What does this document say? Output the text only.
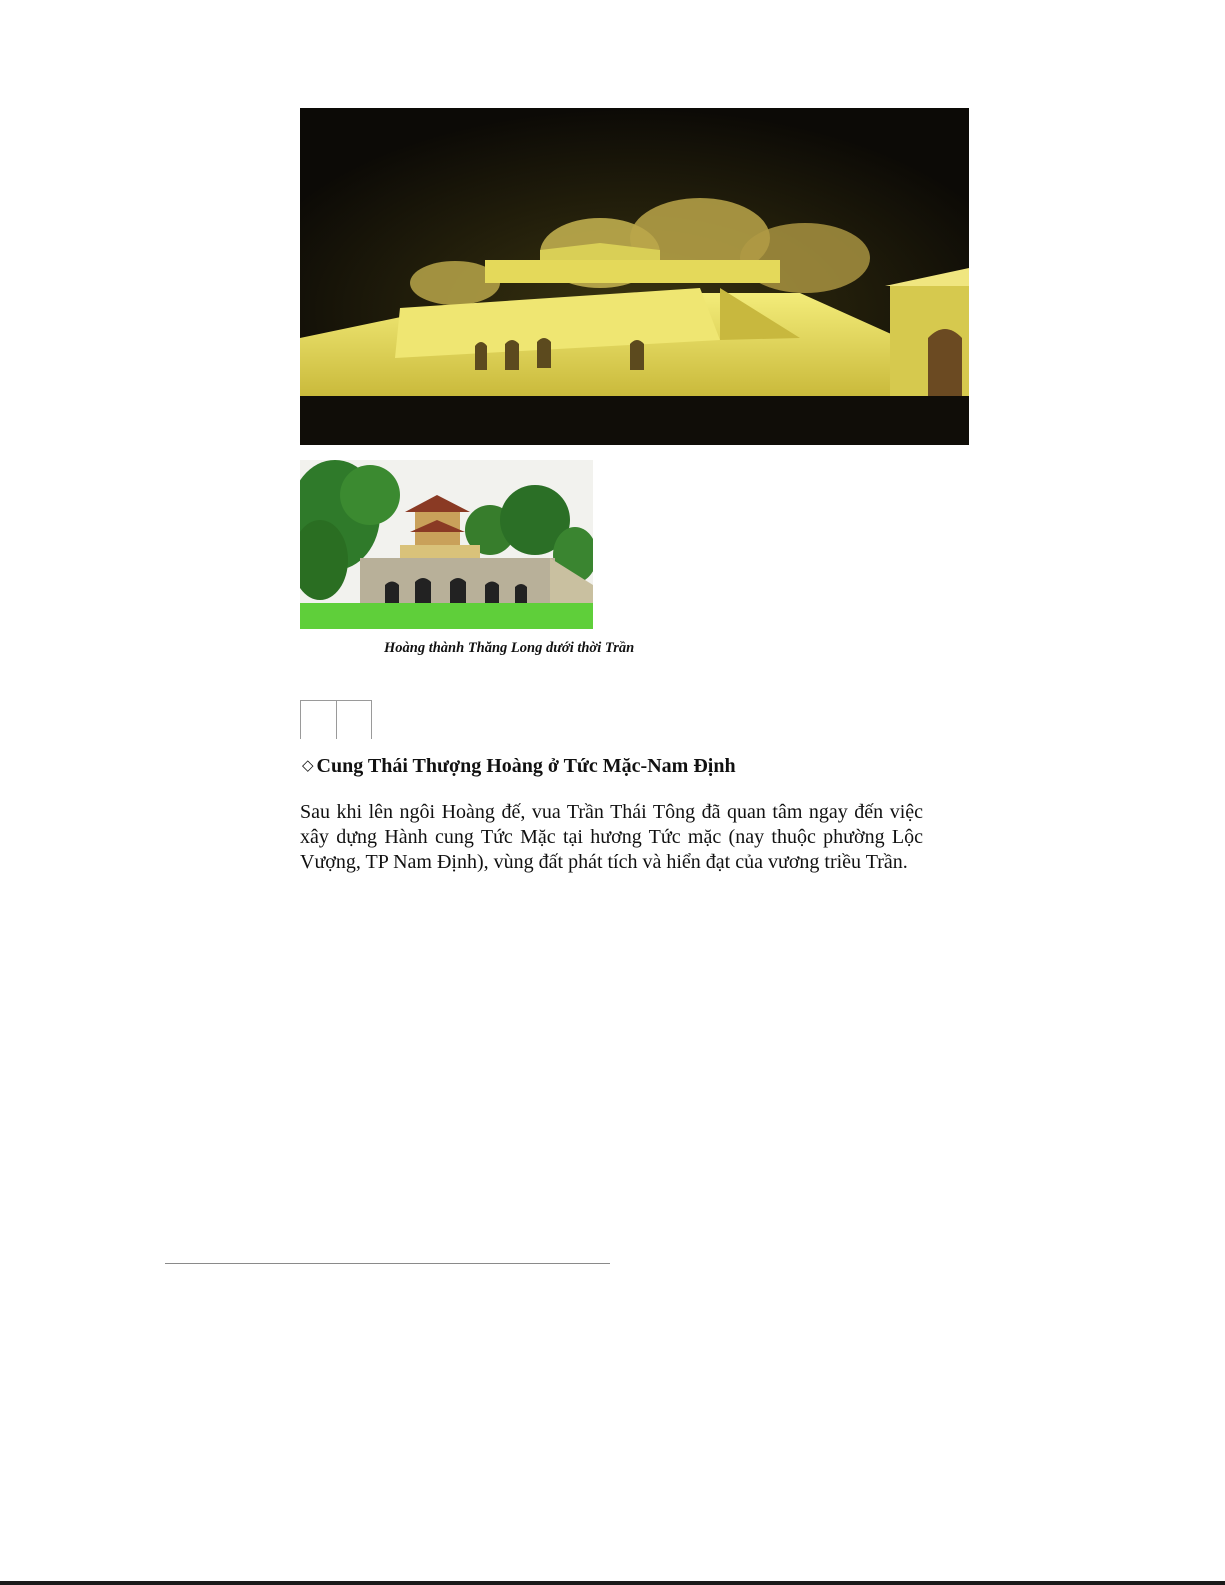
Hoàng thành Thăng Long dưới thời Trần
◇ Cung Thái Thượng Hoàng ở Tức Mặc-Nam Định

Sau khi lên ngôi Hoàng đế, vua Trần Thái Tông đã quan tâm ngay đến việc xây dựng Hành cung Tức Mặc tại hương Tức mặc (nay thuộc phường Lộc Vượng, TP Nam Định), vùng đất phát tích và hiển đạt của vương triều Trần.
